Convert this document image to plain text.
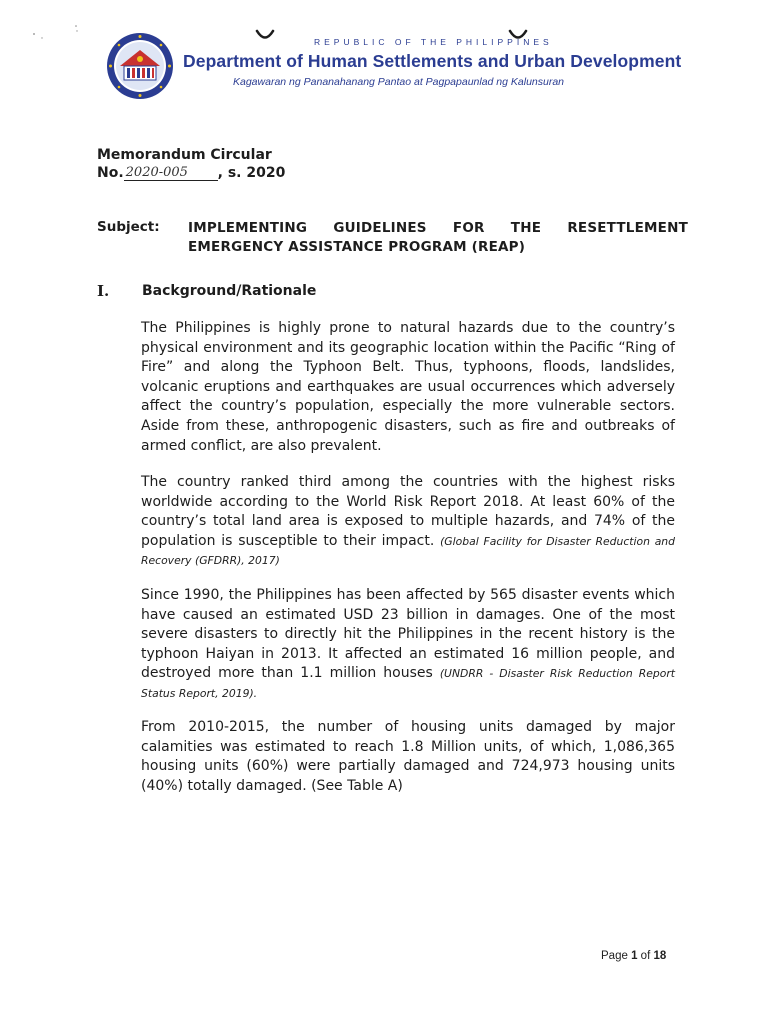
REPUBLIC OF THE PHILIPPINES
Department of Human Settlements and Urban Development
Kagawaran ng Pananahanang Pantao at Pagpapaunlad ng Kalunsuran
Memorandum Circular
No. 2020-005 , s. 2020
Subject: IMPLEMENTING GUIDELINES FOR THE RESETTLEMENT EMERGENCY ASSISTANCE PROGRAM (REAP)
I. Background/Rationale

The Philippines is highly prone to natural hazards due to the country’s physical environment and its geographic location within the Pacific “Ring of Fire” and along the Typhoon Belt. Thus, typhoons, floods, landslides, volcanic eruptions and earthquakes are usual occurrences which adversely affect the country’s population, especially the more vulnerable sectors. Aside from these, anthropogenic disasters, such as fire and outbreaks of armed conflict, are also prevalent.

The country ranked third among the countries with the highest risks worldwide according to the World Risk Report 2018. At least 60% of the country’s total land area is exposed to multiple hazards, and 74% of the population is susceptible to their impact. (Global Facility for Disaster Reduction and Recovery (GFDRR), 2017)

Since 1990, the Philippines has been affected by 565 disaster events which have caused an estimated USD 23 billion in damages. One of the most severe disasters to directly hit the Philippines in the recent history is the typhoon Haiyan in 2013. It affected an estimated 16 million people, and destroyed more than 1.1 million houses (UNDRR - Disaster Risk Reduction Report Status Report, 2019).

From 2010-2015, the number of housing units damaged by major calamities was estimated to reach 1.8 Million units, of which, 1,086,365 housing units (60%) were partially damaged and 724,973 housing units (40%) totally damaged. (See Table A)

Page 1 of 18
